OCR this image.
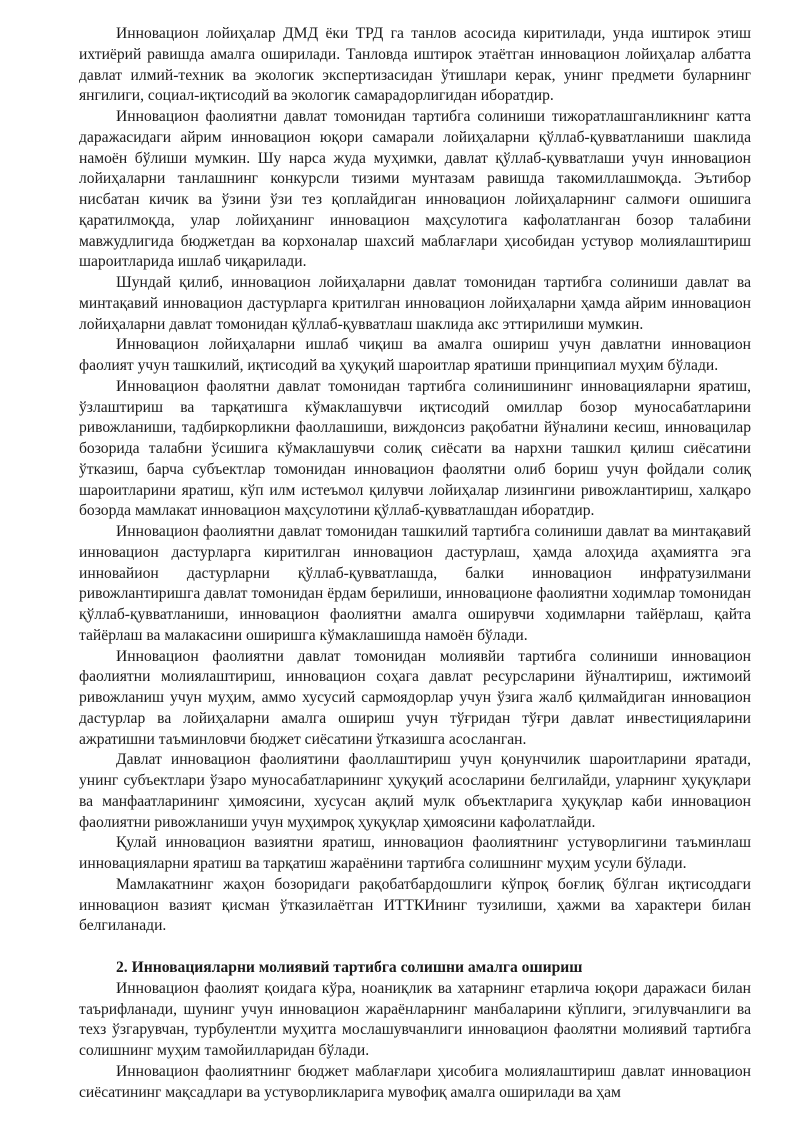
Инновацион лойиҳалар ДМД ёки ТРД га танлов асосида киритилади, унда иштирок этиш ихтиёрий равишда амалга оширилади. Танловда иштирок этаётган инновацион лойиҳалар албатта давлат илмий-техник ва экологик экспертизасидан ўтишлари керак, унинг предмети буларнинг янгилиги, социал-иқтисодий ва экологик самарадорлигидан иборатдир.

Инновацион фаолиятни давлат томонидан тартибга солиниши тижоратлашганликнинг катта даражасидаги айрим инновацион юқори самарали лойиҳаларни қўллаб-қувватланиши шаклида намоён бўлиши мумкин. Шу нарса жуда муҳимки, давлат қўллаб-қувватлаши учун инновацион лойиҳаларни танлашнинг конкурсли тизими мунтазам равишда такомиллашмоқда. Эътибор нисбатан кичик ва ўзини ўзи тез қоплайдиган инновацион лойиҳаларнинг салмоғи ошишига қаратилмоқда, улар лойиҳанинг инновацион маҳсулотига кафолатланган бозор талабини мавжудлигида бюджетдан ва корхоналар шахсий маблағлари ҳисобидан устувор молиялаштириш шароитларида ишлаб чиқарилади.

Шундай қилиб, инновацион лойиҳаларни давлат томонидан тартибга солиниши давлат ва минтақавий инновацион дастурларга критилган инновацион лойиҳаларни ҳамда айрим инновацион лойиҳаларни давлат томонидан қўллаб-қувватлаш шаклида акс эттирилиши мумкин.

Инновацион лойиҳаларни ишлаб чиқиш ва амалга ошириш учун давлатни инновацион фаолият учун ташкилий, иқтисодий ва ҳуқуқий шароитлар яратиши принципиал муҳим бўлади.

Инновацион фаолятни давлат томонидан тартибга солинишининг инновацияларни яратиш, ўзлаштириш ва тарқатишга кўмаклашувчи иқтисодий омиллар бозор муносабатларини ривожланиши, тадбиркорликни фаоллашиши, виждонсиз рақобатни йўналини кесиш, инновацилар бозорида талабни ўсишига кўмаклашувчи солиқ сиёсати ва нархни ташкил қилиш сиёсатини ўтказиш, барча субъектлар томонидан инновацион фаолятни олиб бориш учун фойдали солиқ шароитларини яратиш, кўп илм истеъмол қилувчи лойиҳалар лизингини ривожлантириш, халқаро бозорда мамлакат инновацион маҳсулотини қўллаб-қувватлашдан иборатдир.

Инновацион фаолиятни давлат томонидан ташкилий тартибга солиниши давлат ва минтақавий инновацион дастурларга киритилган инновацион дастурлаш, ҳамда алоҳида аҳамиятга эга инновайион дастурларни қўллаб-қувватлашда, балки инновацион инфратузилмани ривожлантиришга давлат томонидан ёрдам берилиши, инновационе фаолиятни ходимлар томонидан қўллаб-қувватланиши, инновацион фаолиятни амалга оширувчи ходимларни тайёрлаш, қайта тайёрлаш ва малакасини оширишга кўмаклашишда намоён бўлади.

Инновацион фаолиятни давлат томонидан молиявйи тартибга солиниши инновацион фаолиятни молиялаштириш, инновацион соҳага давлат ресурсларини йўналтириш, ижтимоий ривожланиш учун муҳим, аммо хусусий сармоядорлар учун ўзига жалб қилмайдиган инновацион дастурлар ва лойиҳаларни амалга ошириш учун тўғридан тўғри давлат инвестицияларини ажратишни таъминловчи бюджет сиёсатини ўтказишга асосланган.

Давлат инновацион фаолиятини фаоллаштириш учун қонунчилик шароитларини яратади, унинг субъектлари ўзаро муносабатларининг ҳуқуқий асосларини белгилайди, уларнинг ҳуқуқлари ва манфаатларининг ҳимоясини, хусусан ақлий мулк объектларига ҳуқуқлар каби инновацион фаолиятни ривожланиши учун муҳимроқ ҳуқуқлар ҳимоясини кафолатлайди.

Қулай инновацион вазиятни яратиш, инновацион фаолиятнинг устуворлигини таъминлаш инновацияларни яратиш ва тарқатиш жараёнини тартибга солишнинг муҳим усули бўлади.

Мамлакатнинг жаҳон бозоридаги рақобатбардошлиги кўпроқ боғлиқ бўлган иқтисоддаги инновацион вазият қисман ўтказилаётган ИТТКИнинг тузилиши, ҳажми ва характери билан белгиланади.

2. Инновацияларни молиявий тартибга солишни амалга ошириш

Инновацион фаолият қоидага кўра, ноаниқлик ва хатарнинг етарлича юқори даражаси билан таърифланади, шунинг учун инновацион жараёнларнинг манбаларини кўплиги, эгилувчанлиги ва техз ўзгарувчан, турбулентли муҳитга мослашувчанлиги инновацион фаолятни молиявий тартибга солишнинг муҳим тамойилларидан бўлади.

Инновацион фаолиятнинг бюджет маблағлари ҳисобига молиялаштириш давлат инновацион сиёсатининг мақсадлари ва устуворликларига мувофиқ амалга оширилади ва ҳам
